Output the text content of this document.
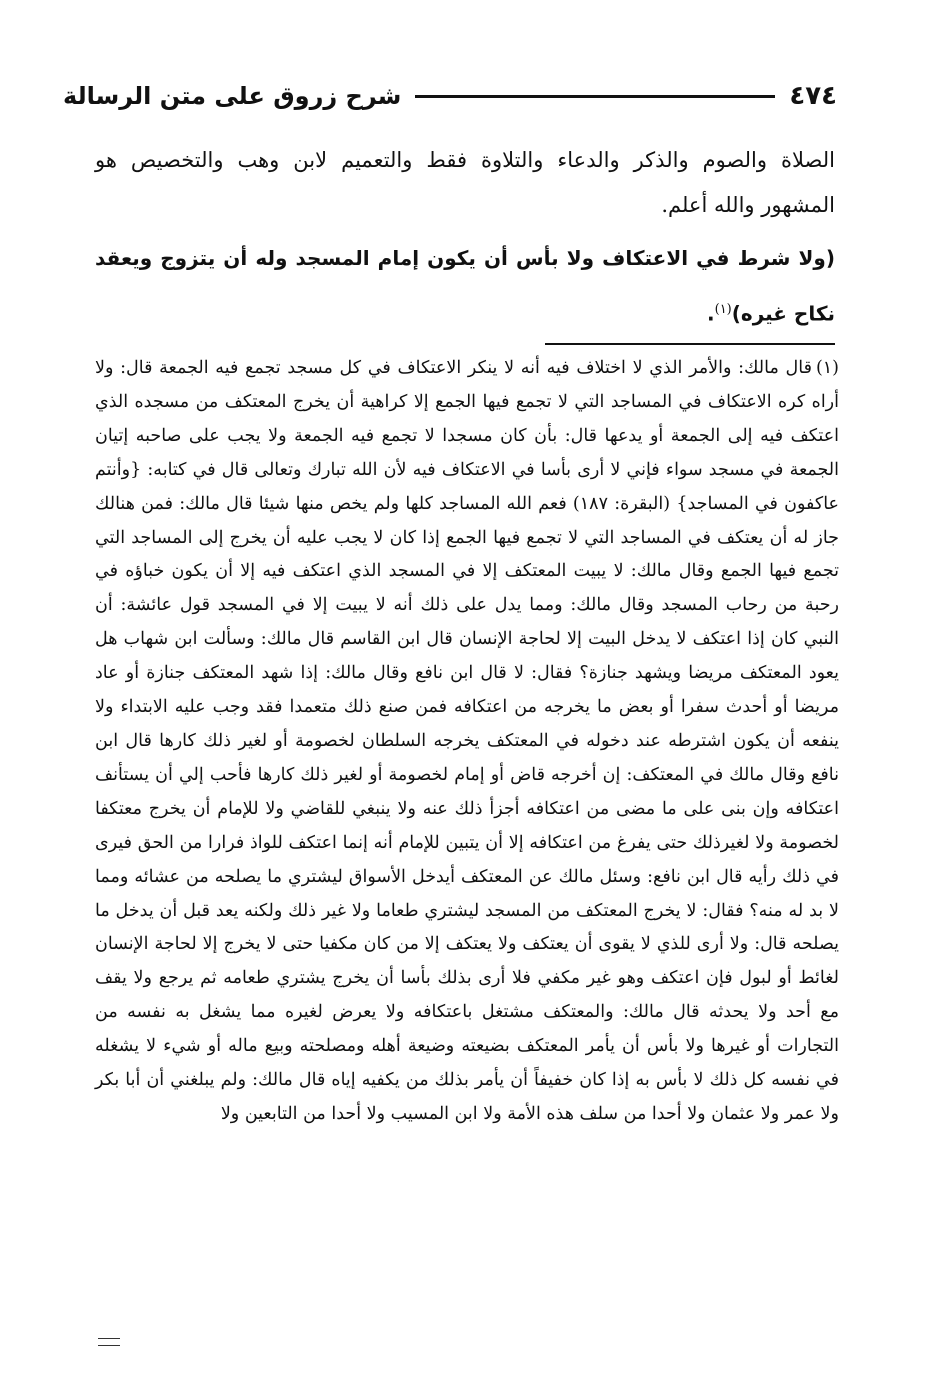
٤٧٤
شرح زروق على متن الرسالة
الصلاة والصوم والذكر والدعاء والتلاوة فقط والتعميم لابن وهب والتخصيص هو المشهور والله أعلم.
(ولا شرط في الاعتكاف ولا بأس أن يكون إمام المسجد وله أن يتزوج ويعقد نكاح غيره)$^{(١)}$.
(١)قال مالك: والأمر الذي لا اختلاف فيه أنه لا ينكر الاعتكاف في كل مسجد تجمع فيه الجمعة قال: ولا أراه كره الاعتكاف في المساجد التي لا تجمع فيها الجمع إلا كراهية أن يخرج المعتكف من مسجده الذي اعتكف فيه إلى الجمعة أو يدعها قال: بأن كان مسجدا لا تجمع فيه الجمعة ولا يجب على صاحبه إتيان الجمعة في مسجد سواء فإني لا أرى بأسا في الاعتكاف فيه لأن الله تبارك وتعالى قال في كتابه: {وأنتم عاكفون في المساجد} (البقرة: ١٨٧) فعم الله المساجد كلها ولم يخص منها شيئا قال مالك: فمن هنالك جاز له أن يعتكف في المساجد التي لا تجمع فيها الجمع إذا كان لا يجب عليه أن يخرج إلى المساجد التي تجمع فيها الجمع وقال مالك: لا يبيت المعتكف إلا في المسجد الذي اعتكف فيه إلا أن يكون خباؤه في رحبة من رحاب المسجد وقال مالك: ومما يدل على ذلك أنه لا يبيت إلا في المسجد قول عائشة: أن النبي كان إذا اعتكف لا يدخل البيت إلا لحاجة الإنسان قال ابن القاسم قال مالك: وسألت ابن شهاب هل يعود المعتكف مريضا ويشهد جنازة؟ فقال: لا قال ابن نافع وقال مالك: إذا شهد المعتكف جنازة أو عاد مريضا أو أحدث سفرا أو بعض ما يخرجه من اعتكافه فمن صنع ذلك متعمدا فقد وجب عليه الابتداء ولا ينفعه أن يكون اشترطه عند دخوله في المعتكف يخرجه السلطان لخصومة أو لغير ذلك كارها قال ابن نافع وقال مالك في المعتكف: إن أخرجه قاض أو إمام لخصومة أو لغير ذلك كارها فأحب إلي أن يستأنف اعتكافه وإن بنى على ما مضى من اعتكافه أجزأ ذلك عنه ولا ينبغي للقاضي ولا للإمام أن يخرج معتكفا لخصومة ولا لغيرذلك حتى يفرغ من اعتكافه إلا أن يتبين للإمام أنه إنما اعتكف للواذ فرارا من الحق فيرى في ذلك رأيه قال ابن نافع: وسئل مالك عن المعتكف أيدخل الأسواق ليشتري ما يصلحه من عشائه ومما لا بد له منه؟ فقال: لا يخرج المعتكف من المسجد ليشتري طعاما ولا غير ذلك ولكنه يعد قبل أن يدخل ما يصلحه قال: ولا أرى للذي لا يقوى أن يعتكف ولا يعتكف إلا من كان مكفيا حتى لا يخرج إلا لحاجة الإنسان لغائط أو لبول فإن اعتكف وهو غير مكفي فلا أرى بذلك بأسا أن يخرج يشتري طعامه ثم يرجع ولا يقف مع أحد ولا يحدثه قال مالك: والمعتكف مشتغل باعتكافه ولا يعرض لغيره مما يشغل به نفسه من التجارات أو غيرها ولا بأس أن يأمر المعتكف بضيعته وضيعة أهله ومصلحته وبيع ماله أو شيء لا يشغله في نفسه كل ذلك لا بأس به إذا كان خفيفاً أن يأمر بذلك من يكفيه إياه قال مالك: ولم يبلغني أن أبا بكر ولا عمر ولا عثمان ولا أحدا من سلف هذه الأمة ولا ابن المسيب ولا أحدا من التابعين ولا
